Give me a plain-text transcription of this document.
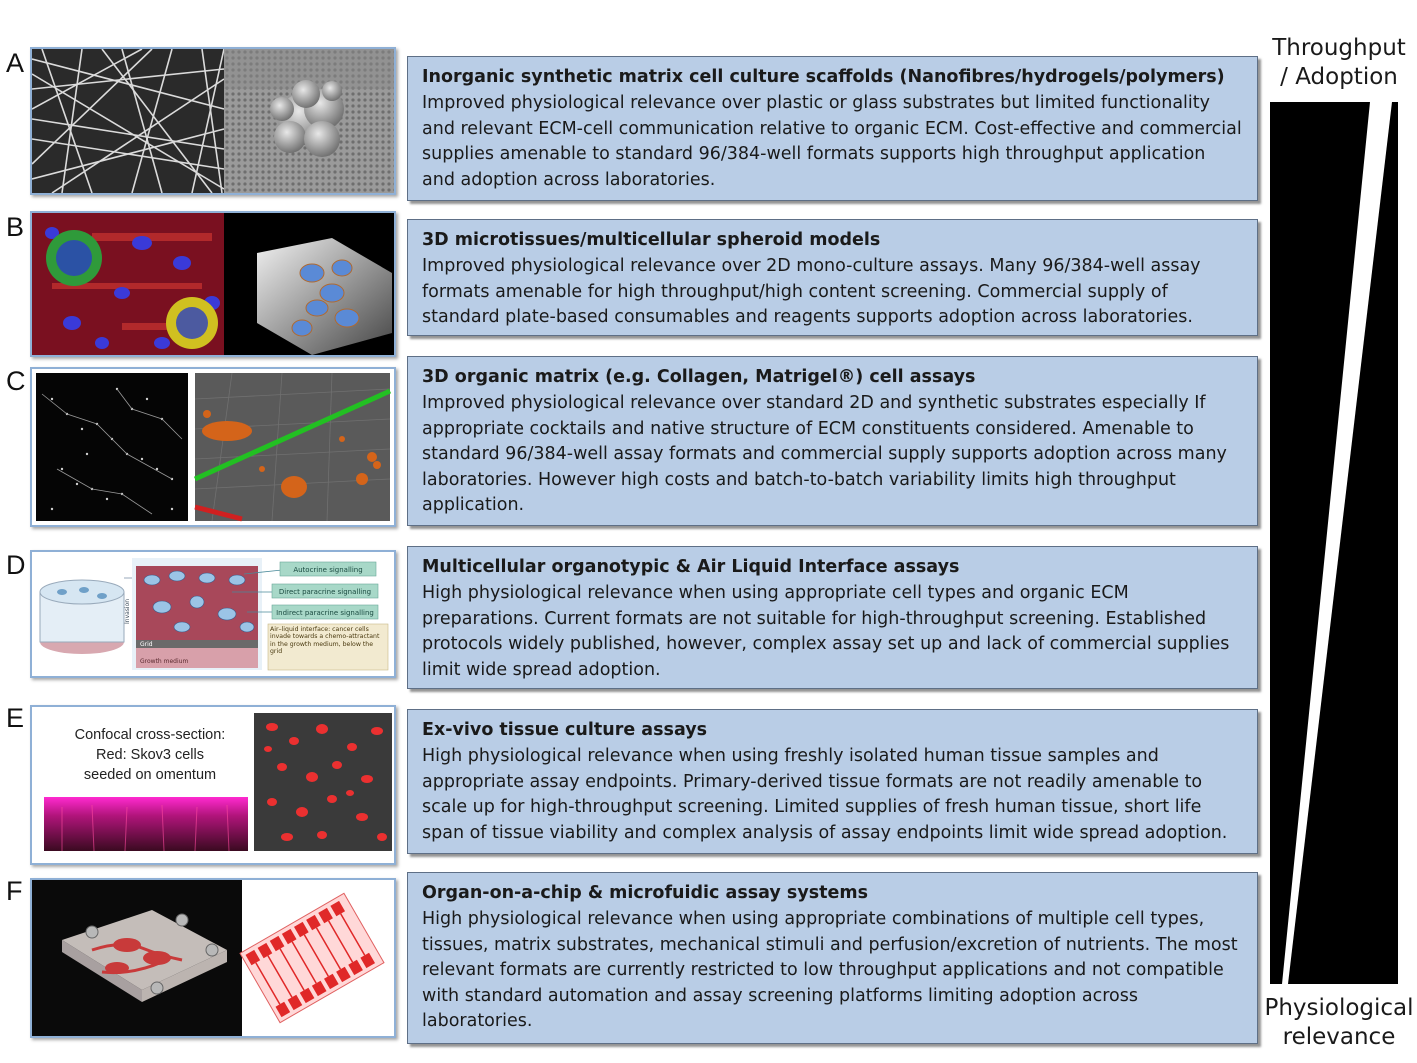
A
B
C
D
E
F
Autocrine signalling
Direct paracrine signalling
Indirect paracrine signalling
Air–liquid interface: cancer cells invade towards a chemo-attractant in the growth medium, below the grid
Grid
Growth medium
Invasion
Confocal cross-section:
Red: Skov3 cells
seeded on omentum
Inorganic synthetic matrix cell culture scaffolds (Nanofibres/hydrogels/polymers)

Improved physiological relevance over plastic or glass substrates but limited functionality and relevant ECM-cell communication relative to organic ECM. Cost-effective and commercial supplies amenable to standard 96/384-well formats supports high throughput application and adoption across laboratories.

3D microtissues/multicellular spheroid models

Improved physiological relevance over 2D mono-culture assays. Many 96/384-well assay formats amenable for high throughput/high content screening. Commercial supply of standard plate-based consumables and reagents supports adoption across laboratories.

3D organic matrix (e.g. Collagen, Matrigel®) cell assays

Improved physiological relevance over standard 2D and synthetic substrates especially If appropriate cocktails and native structure of ECM constituents considered. Amenable to standard 96/384-well assay formats and commercial supply supports adoption across many laboratories. However high costs and batch-to-batch variability limits high throughput application.

Multicellular organotypic & Air Liquid Interface assays

High physiological relevance when using appropriate cell types and organic ECM preparations. Current formats are not suitable for high-throughput screening. Established protocols widely published, however, complex assay set up and lack of commercial supplies limit wide spread adoption.

Ex-vivo tissue culture assays

High physiological relevance when using freshly isolated human tissue samples and appropriate assay endpoints. Primary-derived tissue formats are not readily amenable to scale up for high-throughput screening. Limited supplies of fresh human tissue, short life span of tissue viability and complex analysis of assay endpoints limit wide spread adoption.

Organ-on-a-chip & microfuidic assay systems

High physiological relevance when using appropriate combinations of multiple cell types, tissues, matrix substrates, mechanical stimuli and perfusion/excretion of nutrients. The most relevant formats are currently restricted to low throughput applications and not compatible with standard automation and assay screening platforms limiting adoption across laboratories.

Throughput
/ Adoption
Physiological
relevance
